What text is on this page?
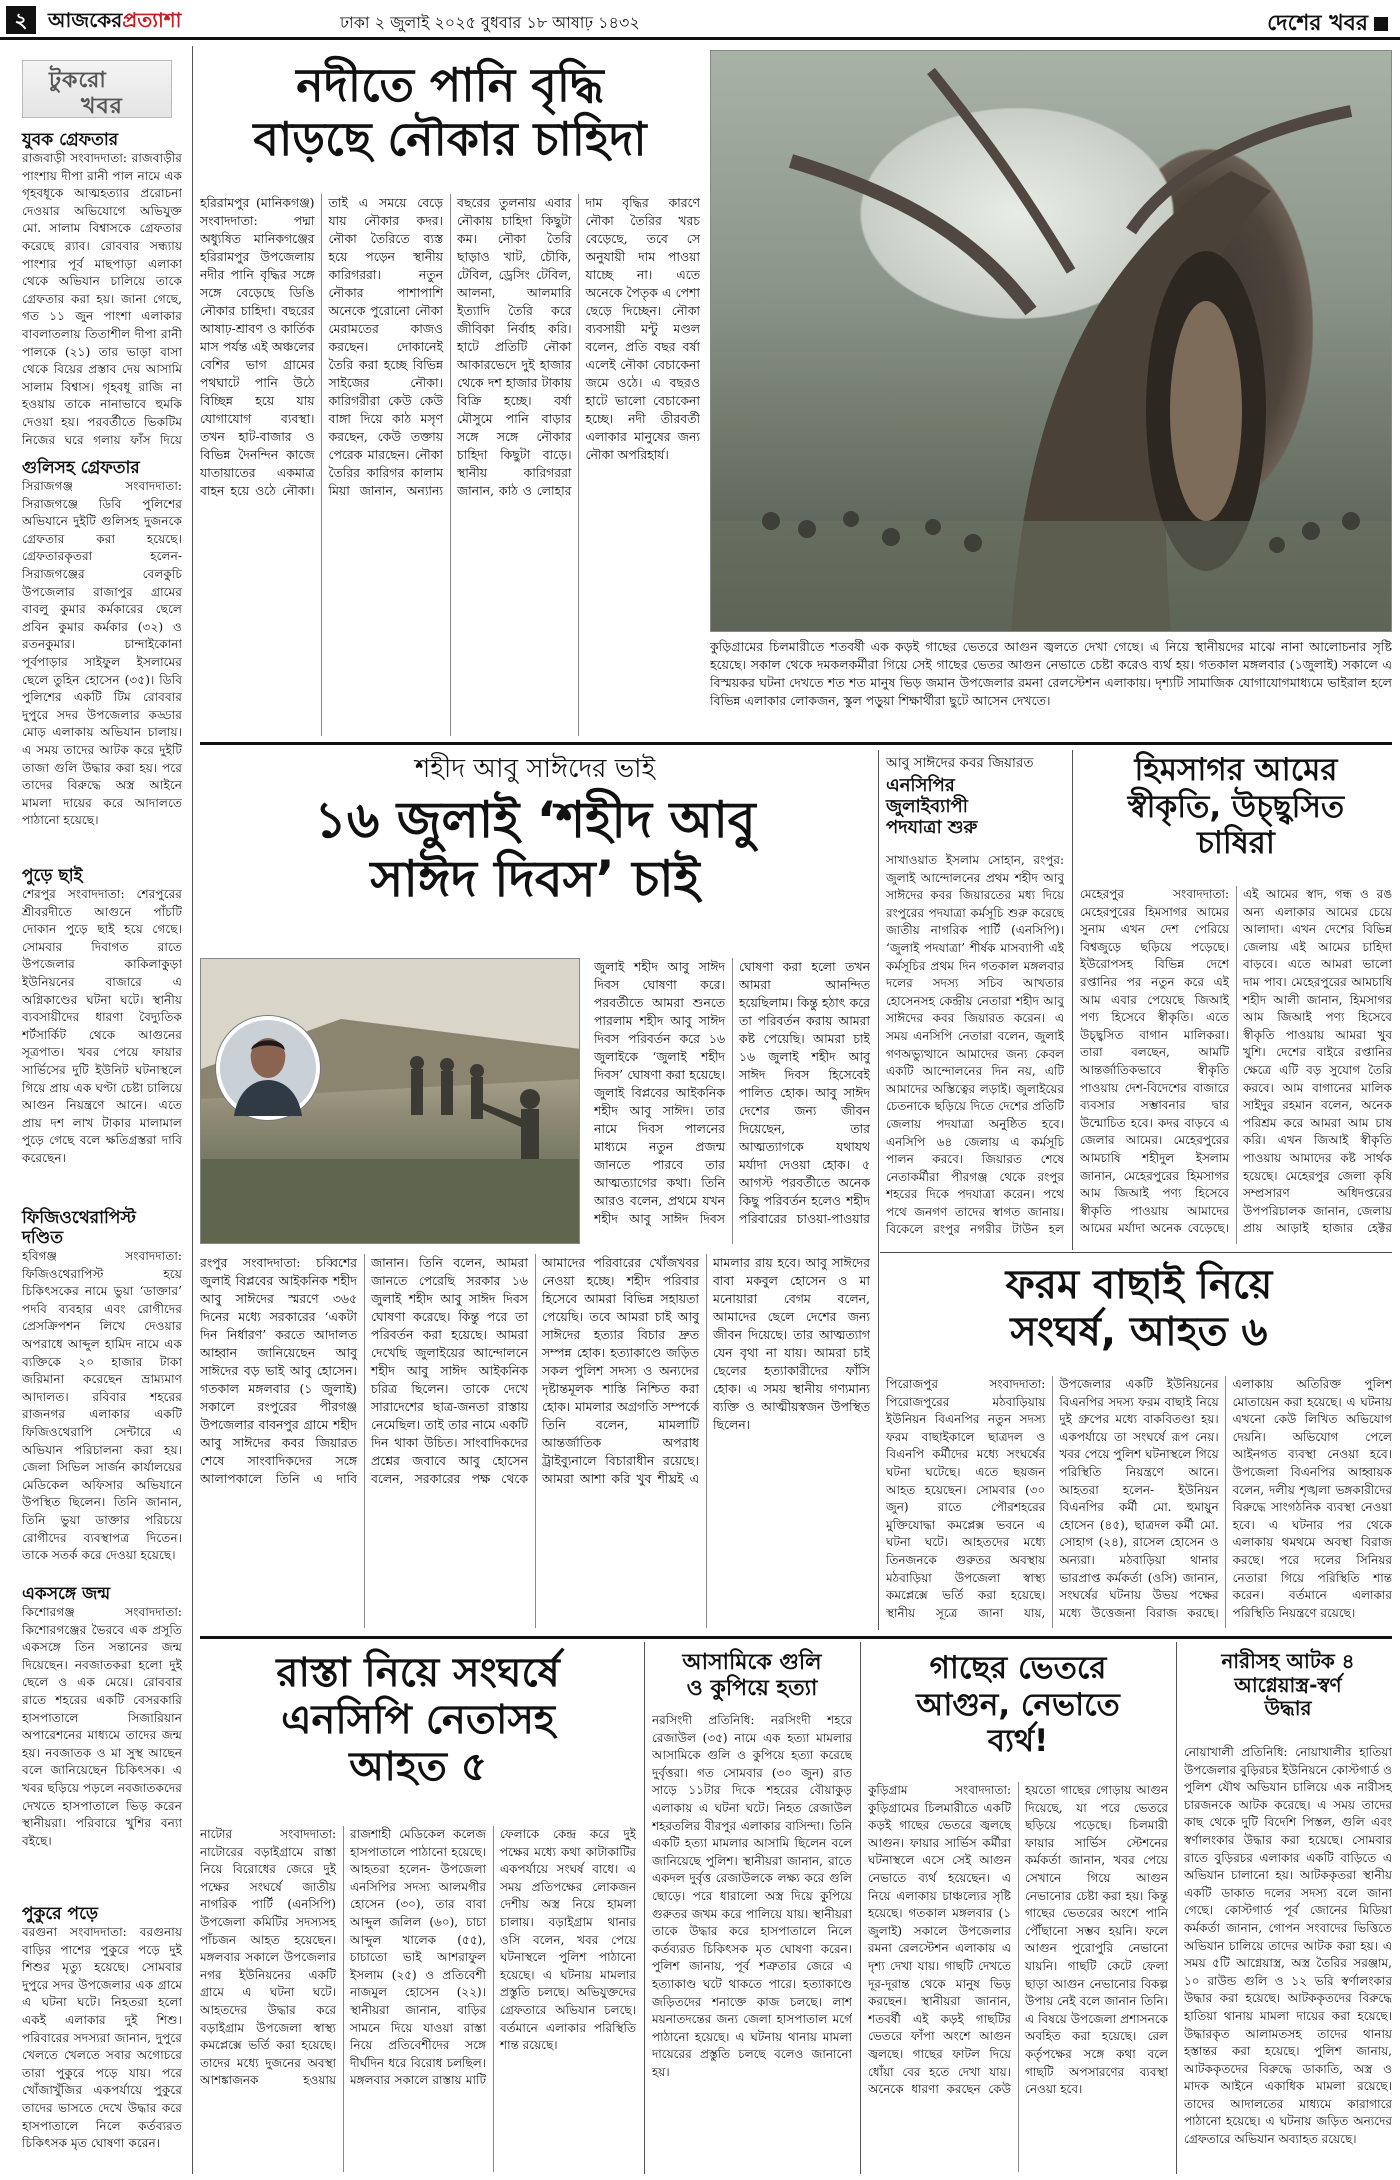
২	আজকেরপ্রত্যাশা	ঢাকা ২ জুলাই ২০২৫ বুধবার ১৮ আষাঢ় ১৪৩২	দেশের খবর
টুকরো
খবর
যুবক গ্রেফতার
রাজবাড়ী সংবাদদাতা: রাজবাড়ীর পাংশায় দীপা রানী পাল নামে এক গৃহবধূকে আত্মহত্যার প্ররোচনা দেওয়ার অভিযোগে অভিযুক্ত মো. সালাম বিশ্বাসকে গ্রেফতার করেছে র‍্যাব। রোববার সন্ধ্যায় পাংশার পূর্ব মাছপাড়া এলাকা থেকে অভিযান চালিয়ে তাকে গ্রেফতার করা হয়। জানা গেছে, গত ১১ জুন পাংশা এলাকার বাবলাতলায় তিতাশীল দীপা রানী পালকে (২১) তার ভাড়া বাসা থেকে বিয়ের প্রস্তাব দেয় আসামি সালাম বিশ্বাস। গৃহবধূ রাজি না হওয়ায় তাকে নানাভাবে হুমকি দেওয়া হয়। পরবর্তীতে ভিকটিম নিজের ঘরে গলায় ফাঁস দিয়ে
গুলিসহ গ্রেফতার
সিরাজগঞ্জ সংবাদদাতা: সিরাজগঞ্জে ডিবি পুলিশের অভিযানে দুইটি গুলিসহ দুজনকে গ্রেফতার করা হয়েছে। গ্রেফতারকৃতরা হলেন- সিরাজগঞ্জের বেলকুচি উপজেলার রাজাপুর গ্রামের বাবলু কুমার কর্মকারের ছেলে প্রবিন কুমার কর্মকার (৩২) ও রতনকুমার। চান্দাইকোনা পূর্বপাড়ার সাইফুল ইসলামের ছেলে তুহিন হোসেন (৩৫)। ডিবি পুলিশের একটি টিম রোববার দুপুরে সদর উপজেলার কড্ডার মোড় এলাকায় অভিযান চালায়। এ সময় তাদের আটক করে দুইটি তাজা গুলি উদ্ধার করা হয়। পরে তাদের বিরুদ্ধে অস্ত্র আইনে মামলা দায়ের করে আদালতে পাঠানো হয়েছে।
পুড়ে ছাই
শেরপুর সংবাদদাতা: শেরপুরের শ্রীবরদীতে আগুনে পাঁচটি দোকান পুড়ে ছাই হয়ে গেছে। সোমবার দিবাগত রাতে উপজেলার কাকিলাকুড়া ইউনিয়নের বাজারে এ অগ্নিকাণ্ডের ঘটনা ঘটে। স্থানীয় ব্যবসায়ীদের ধারণা বৈদ্যুতিক শর্টসার্কিট থেকে আগুনের সূত্রপাত। খবর পেয়ে ফায়ার সার্ভিসের দুটি ইউনিট ঘটনাস্থলে গিয়ে প্রায় এক ঘণ্টা চেষ্টা চালিয়ে আগুন নিয়ন্ত্রণে আনে। এতে প্রায় দশ লাখ টাকার মালামাল পুড়ে গেছে বলে ক্ষতিগ্রস্তরা দাবি করেছেন।
ফিজিওথেরাপিস্ট দণ্ডিত
হবিগঞ্জ সংবাদদাতা: ফিজিওথেরাপিস্ট হয়ে চিকিৎসকের নামে ভুয়া ‘ডাক্তার’ পদবি ব্যবহার এবং রোগীদের প্রেসক্রিপশন লিখে দেওয়ার অপরাধে আব্দুল হামিদ নামে এক ব্যক্তিকে ২০ হাজার টাকা জরিমানা করেছেন ভ্রাম্যমাণ আদালত। রবিবার শহরের রাজনগর এলাকার একটি ফিজিওথেরাপি সেন্টারে এ অভিযান পরিচালনা করা হয়। জেলা সিভিল সার্জন কার্যালয়ের মেডিকেল অফিসার অভিযানে উপস্থিত ছিলেন। তিনি জানান, তিনি ভুয়া ডাক্তার পরিচয়ে রোগীদের ব্যবস্থাপত্র দিতেন। তাকে সতর্ক করে দেওয়া হয়েছে।
একসঙ্গে জন্ম
কিশোরগঞ্জ সংবাদদাতা: কিশোরগঞ্জের ভৈরবে এক প্রসূতি একসঙ্গে তিন সন্তানের জন্ম দিয়েছেন। নবজাতকরা হলো দুই ছেলে ও এক মেয়ে। রোববার রাতে শহরের একটি বেসরকারি হাসপাতালে সিজারিয়ান অপারেশনের মাধ্যমে তাদের জন্ম হয়। নবজাতক ও মা সুস্থ আছেন বলে জানিয়েছেন চিকিৎসক। এ খবর ছড়িয়ে পড়লে নবজাতকদের দেখতে হাসপাতালে ভিড় করেন স্থানীয়রা। পরিবারে খুশির বন্যা বইছে।
পুকুরে পড়ে
বরগুনা সংবাদদাতা: বরগুনায় বাড়ির পাশের পুকুরে পড়ে দুই শিশুর মৃত্যু হয়েছে। সোমবার দুপুরে সদর উপজেলার এক গ্রামে এ ঘটনা ঘটে। নিহতরা হলো একই এলাকার দুই শিশু। পরিবারের সদস্যরা জানান, দুপুরে খেলতে খেলতে সবার অগোচরে তারা পুকুরে পড়ে যায়। পরে খোঁজাখুঁজির একপর্যায়ে পুকুরে তাদের ভাসতে দেখে উদ্ধার করে হাসপাতালে নিলে কর্তব্যরত চিকিৎসক মৃত ঘোষণা করেন।
নদীতে পানি বৃদ্ধি
বাড়ছে নৌকার চাহিদা
হরিরামপুর (মানিকগঞ্জ) সংবাদদাতা: পদ্মা অধ্যুষিত মানিকগঞ্জের হরিরামপুর উপজেলায় নদীর পানি বৃদ্ধির সঙ্গে সঙ্গে বেড়েছে ডিঙি নৌকার চাহিদা। বছরের আষাঢ়-শ্রাবণ ও কার্তিক মাস পর্যন্ত এই অঞ্চলের বেশির ভাগ গ্রামের পথঘাটে পানি উঠে বিচ্ছিন্ন হয়ে যায় যোগাযোগ ব্যবস্থা। তখন হাট-বাজার ও বিভিন্ন দৈনন্দিন কাজে যাতায়াতের একমাত্র বাহন হয়ে ওঠে নৌকা। তাই এ সময়ে বেড়ে যায় নৌকার কদর। নৌকা তৈরিতে ব্যস্ত হয়ে পড়েন স্থানীয় কারিগররা। নতুন নৌকার পাশাপাশি অনেকে পুরোনো নৌকা মেরামতের কাজও করছেন। দোকানেই তৈরি করা হচ্ছে বিভিন্ন সাইজের নৌকা। কারিগরীরা কেউ কেউ বাঙ্গা দিয়ে কাঠ মসৃণ করছেন, কেউ তক্তায় পেরেক মারছেন। নৌকা তৈরির কারিগর কালাম মিয়া জানান, অন্যান্য বছরের তুলনায় এবার নৌকায় চাহিদা কিছুটা কম। নৌকা তৈরি ছাড়াও খাট, চৌকি, টেবিল, ড্রেসিং টেবিল, আলনা, আলমারি ইত্যাদি তৈরি করে জীবিকা নির্বাহ করি। হাটে প্রতিটি নৌকা আকারভেদে দুই হাজার থেকে দশ হাজার টাকায় বিক্রি হচ্ছে। বর্ষা মৌসুমে পানি বাড়ার সঙ্গে সঙ্গে নৌকার চাহিদা কিছুটা বাড়ে। স্থানীয় কারিগররা জানান, কাঠ ও লোহার দাম বৃদ্ধির কারণে নৌকা তৈরির খরচ বেড়েছে, তবে সে অনুযায়ী দাম পাওয়া যাচ্ছে না। এতে অনেকে পৈতৃক এ পেশা ছেড়ে দিচ্ছেন। নৌকা ব্যবসায়ী মন্টু মণ্ডল বলেন, প্রতি বছর বর্ষা এলেই নৌকা বেচাকেনা জমে ওঠে। এ বছরও হাটে ভালো বেচাকেনা হচ্ছে। নদী তীরবর্তী এলাকার মানুষের জন্য নৌকা অপরিহার্য।
কুড়িগ্রামের চিলমারীতে শতবর্ষী এক কড়ই গাছের ভেতরে আগুন জ্বলতে দেখা গেছে। এ নিয়ে স্থানীয়দের মাঝে নানা আলোচনার সৃষ্টি হয়েছে। সকাল থেকে দমকলকর্মীরা গিয়ে সেই গাছের ভেতর আগুন নেভাতে চেষ্টা করেও ব্যর্থ হয়। গতকাল মঙ্গলবার (১জুলাই) সকালে এ বিস্ময়কর ঘটনা দেখতে শত শত মানুষ ভিড় জমান উপজেলার রমনা রেলস্টেশন এলাকায়। দৃশ্যটি সামাজিক যোগাযোগমাধ্যমে ভাইরাল হলে বিভিন্ন এলাকার লোকজন, স্কুল পড়ুয়া শিক্ষার্থীরা ছুটে আসেন দেখতে।
শহীদ আবু সাঈদের ভাই
১৬ জুলাই ‘শহীদ আবু
সাঈদ দিবস’ চাই
জুলাই শহীদ আবু সাঈদ দিবস ঘোষণা করে। পরবর্তীতে আমরা শুনতে পারলাম শহীদ আবু সাঈদ দিবস পরিবর্তন করে ১৬ জুলাইকে ‘জুলাই শহীদ দিবস’ ঘোষণা করা হয়েছে। জুলাই বিপ্লবের আইকনিক শহীদ আবু সাঈদ। তার নামে দিবস পালনের মাধ্যমে নতুন প্রজন্ম জানতে পারবে তার আত্মত্যাগের কথা। তিনি আরও বলেন, প্রথমে যখন শহীদ আবু সাঈদ দিবস ঘোষণা করা হলো তখন আমরা আনন্দিত হয়েছিলাম। কিন্তু হঠাৎ করে তা পরিবর্তন করায় আমরা কষ্ট পেয়েছি। আমরা চাই ১৬ জুলাই শহীদ আবু সাঈদ দিবস হিসেবেই পালিত হোক। আবু সাঈদ দেশের জন্য জীবন দিয়েছেন, তার আত্মত্যাগকে যথাযথ মর্যাদা দেওয়া হোক। ৫ আগস্ট পরবর্তীতে অনেক কিছু পরিবর্তন হলেও শহীদ পরিবারের চাওয়া-পাওয়ার
রংপুর সংবাদদাতা: চব্বিশের জুলাই বিপ্লবের আইকনিক শহীদ আবু সাঈদের স্মরণে ৩৬৫ দিনের মধ্যে সরকারের ‘একটা দিন নির্ধারণ’ করতে আদালত আহ্বান জানিয়েছেন আবু সাঈদের বড় ভাই আবু হোসেন। গতকাল মঙ্গলবার (১ জুলাই) সকালে রংপুরের পীরগঞ্জ উপজেলার বাবনপুর গ্রামে শহীদ আবু সাঈদের কবর জিয়ারত শেষে সাংবাদিকদের সঙ্গে আলাপকালে তিনি এ দাবি জানান। তিনি বলেন, আমরা জানতে পেরেছি সরকার ১৬ জুলাই শহীদ আবু সাঈদ দিবস ঘোষণা করেছে। কিন্তু পরে তা পরিবর্তন করা হয়েছে। আমরা দেখেছি জুলাইয়ের আন্দোলনে শহীদ আবু সাঈদ আইকনিক চরিত্র ছিলেন। তাকে দেখে সারাদেশের ছাত্র-জনতা রাস্তায় নেমেছিল। তাই তার নামে একটি দিন থাকা উচিত। সাংবাদিকদের প্রশ্নের জবাবে আবু হোসেন বলেন, সরকারের পক্ষ থেকে আমাদের পরিবারের খোঁজখবর নেওয়া হচ্ছে। শহীদ পরিবার হিসেবে আমরা বিভিন্ন সহায়তা পেয়েছি। তবে আমরা চাই আবু সাঈদের হত্যার বিচার দ্রুত সম্পন্ন হোক। হত্যাকাণ্ডে জড়িত সকল পুলিশ সদস্য ও অন্যদের দৃষ্টান্তমূলক শাস্তি নিশ্চিত করা হোক। মামলার অগ্রগতি সম্পর্কে তিনি বলেন, মামলাটি আন্তর্জাতিক অপরাধ ট্রাইব্যুনালে বিচারাধীন রয়েছে। আমরা আশা করি খুব শীঘ্রই এ মামলার রায় হবে। আবু সাঈদের বাবা মকবুল হোসেন ও মা মনোয়ারা বেগম বলেন, আমাদের ছেলে দেশের জন্য জীবন দিয়েছে। তার আত্মত্যাগ যেন বৃথা না যায়। আমরা চাই ছেলের হত্যাকারীদের ফাঁসি হোক। এ সময় স্থানীয় গণ্যমান্য ব্যক্তি ও আত্মীয়স্বজন উপস্থিত ছিলেন।
আবু সাঈদের কবর জিয়ারত
এনসিপির
জুলাইব্যাপী
পদযাত্রা শুরু
সাখাওয়াত ইসলাম সোহান, রংপুর: জুলাই আন্দোলনের প্রথম শহীদ আবু সাঈদের কবর জিয়ারতের মধ্য দিয়ে রংপুরের পদযাত্রা কর্মসূচি শুরু করেছে জাতীয় নাগরিক পার্টি (এনসিপি)। ‘জুলাই পদযাত্রা’ শীর্ষক মাসব্যাপী এই কর্মসূচির প্রথম দিন গতকাল মঙ্গলবার দলের সদস্য সচিব আখতার হোসেনসহ কেন্দ্রীয় নেতারা শহীদ আবু সাঈদের কবর জিয়ারত করেন। এ সময় এনসিপি নেতারা বলেন, জুলাই গণঅভ্যুত্থানে আমাদের জন্য কেবল একটি আন্দোলনের দিন নয়, এটি আমাদের অস্তিত্বের লড়াই। জুলাইয়ের চেতনাকে ছড়িয়ে দিতে দেশের প্রতিটি জেলায় পদযাত্রা অনুষ্ঠিত হবে। এনসিপি ৬৪ জেলায় এ কর্মসূচি পালন করবে। জিয়ারত শেষে নেতাকর্মীরা পীরগঞ্জ থেকে রংপুর শহরের দিকে পদযাত্রা করেন। পথে পথে জনগণ তাদের স্বাগত জানায়। বিকেলে রংপুর নগরীর টাউন হল
হিমসাগর আমের
স্বীকৃতি, উচ্ছ্বসিত
চাষিরা
মেহেরপুর সংবাদদাতা: মেহেরপুরের হিমসাগর আমের সুনাম এখন দেশ পেরিয়ে বিশ্বজুড়ে ছড়িয়ে পড়েছে। ইউরোপসহ বিভিন্ন দেশে রপ্তানির পর নতুন করে এই আম এবার পেয়েছে জিআই পণ্য হিসেবে স্বীকৃতি। এতে উচ্ছ্বসিত বাগান মালিকরা। তারা বলছেন, আমটি আন্তর্জাতিকভাবে স্বীকৃতি পাওয়ায় দেশ-বিদেশের বাজারে ব্যবসার সম্ভাবনার দ্বার উন্মোচিত হবে। কদর বাড়বে এ জেলার আমের। মেহেরপুরের আমচাষি শহীদুল ইসলাম জানান, মেহেরপুরের হিমসাগর আম জিআই পণ্য হিসেবে স্বীকৃতি পাওয়ায় আমাদের আমের মর্যাদা অনেক বেড়েছে। এই আমের স্বাদ, গন্ধ ও রঙ অন্য এলাকার আমের চেয়ে আলাদা। এখন দেশের বিভিন্ন জেলায় এই আমের চাহিদা বাড়বে। এতে আমরা ভালো দাম পাব। মেহেরপুরের আমচাষি শহীদ আলী জানান, হিমসাগর আম জিআই পণ্য হিসেবে স্বীকৃতি পাওয়ায় আমরা খুব খুশি। দেশের বাইরে রপ্তানির ক্ষেত্রে এটি বড় সুযোগ তৈরি করবে। আম বাগানের মালিক সাইদুর রহমান বলেন, অনেক পরিশ্রম করে আমরা আম চাষ করি। এখন জিআই স্বীকৃতি পাওয়ায় আমাদের কষ্ট সার্থক হয়েছে। মেহেরপুর জেলা কৃষি সম্প্রসারণ অধিদপ্তরের উপপরিচালক জানান, জেলায় প্রায় আড়াই হাজার হেক্টর
ফরম বাছাই নিয়ে
সংঘর্ষ, আহত ৬
পিরোজপুর সংবাদদাতা: পিরোজপুরের মঠবাড়িয়ায় ইউনিয়ন বিএনপির নতুন সদস্য ফরম বাছাইকালে ছাত্রদল ও বিএনপি কর্মীদের মধ্যে সংঘর্ষের ঘটনা ঘটেছে। এতে ছয়জন আহত হয়েছেন। সোমবার (৩০ জুন) রাতে পৌরশহরের মুক্তিযোদ্ধা কমপ্লেক্স ভবনে এ ঘটনা ঘটে। আহতদের মধ্যে তিনজনকে গুরুতর অবস্থায় মঠবাড়িয়া উপজেলা স্বাস্থ্য কমপ্লেক্সে ভর্তি করা হয়েছে। স্থানীয় সূত্রে জানা যায়, উপজেলার একটি ইউনিয়নের বিএনপির সদস্য ফরম বাছাই নিয়ে দুই গ্রুপের মধ্যে বাকবিতণ্ডা হয়। একপর্যায়ে তা সংঘর্ষে রূপ নেয়। খবর পেয়ে পুলিশ ঘটনাস্থলে গিয়ে পরিস্থিতি নিয়ন্ত্রণে আনে। আহতরা হলেন- ইউনিয়ন বিএনপির কর্মী মো. হুমায়ুন হোসেন (৪৫), ছাত্রদল কর্মী মো. সোহাগ (২৪), রাসেল হোসেন ও অন্যরা। মঠবাড়িয়া থানার ভারপ্রাপ্ত কর্মকর্তা (ওসি) জানান, সংঘর্ষের ঘটনায় উভয় পক্ষের মধ্যে উত্তেজনা বিরাজ করছে। এলাকায় অতিরিক্ত পুলিশ মোতায়েন করা হয়েছে। এ ঘটনায় এখনো কেউ লিখিত অভিযোগ দেয়নি। অভিযোগ পেলে আইনগত ব্যবস্থা নেওয়া হবে। উপজেলা বিএনপির আহ্বায়ক বলেন, দলীয় শৃঙ্খলা ভঙ্গকারীদের বিরুদ্ধে সাংগঠনিক ব্যবস্থা নেওয়া হবে। এ ঘটনার পর থেকে এলাকায় থমথমে অবস্থা বিরাজ করছে। পরে দলের সিনিয়র নেতারা গিয়ে পরিস্থিতি শান্ত করেন। বর্তমানে এলাকার পরিস্থিতি নিয়ন্ত্রণে রয়েছে।
রাস্তা নিয়ে সংঘর্ষে
এনসিপি নেতাসহ
আহত ৫
নাটোর সংবাদদাতা: নাটোরের বড়াইগ্রামে রাস্তা নিয়ে বিরোধের জেরে দুই পক্ষের সংঘর্ষে জাতীয় নাগরিক পার্টি (এনসিপি) উপজেলা কমিটির সদস্যসহ পাঁচজন আহত হয়েছেন। মঙ্গলবার সকালে উপজেলার নগর ইউনিয়নের একটি গ্রামে এ ঘটনা ঘটে। আহতদের উদ্ধার করে বড়াইগ্রাম উপজেলা স্বাস্থ্য কমপ্লেক্সে ভর্তি করা হয়েছে। তাদের মধ্যে দুজনের অবস্থা আশঙ্কাজনক হওয়ায় রাজশাহী মেডিকেল কলেজ হাসপাতালে পাঠানো হয়েছে। আহতরা হলেন- উপজেলা এনসিপির সদস্য আলমগীর হোসেন (৩০), তার বাবা আব্দুল জলিল (৬০), চাচা আব্দুল খালেক (৫৫), চাচাতো ভাই আশরাফুল ইসলাম (২৫) ও প্রতিবেশী নাজমুল হোসেন (২২)। স্থানীয়রা জানান, বাড়ির সামনে দিয়ে যাওয়া রাস্তা নিয়ে প্রতিবেশীদের সঙ্গে দীর্ঘদিন ধরে বিরোধ চলছিল। মঙ্গলবার সকালে রাস্তায় মাটি ফেলাকে কেন্দ্র করে দুই পক্ষের মধ্যে কথা কাটাকাটির একপর্যায়ে সংঘর্ষ বাধে। এ সময় প্রতিপক্ষের লোকজন দেশীয় অস্ত্র নিয়ে হামলা চালায়। বড়াইগ্রাম থানার ওসি বলেন, খবর পেয়ে ঘটনাস্থলে পুলিশ পাঠানো হয়েছে। এ ঘটনায় মামলার প্রস্তুতি চলছে। অভিযুক্তদের গ্রেফতারে অভিযান চলছে। বর্তমানে এলাকার পরিস্থিতি শান্ত রয়েছে।
আসামিকে গুলি
ও কুপিয়ে হত্যা
নরসিংদী প্রতিনিধি: নরসিংদী শহরে রেজাউল (৩৫) নামে এক হত্যা মামলার আসামিকে গুলি ও কুপিয়ে হত্যা করেছে দুর্বৃত্তরা। গত সোমবার (৩০ জুন) রাত সাড়ে ১১টার দিকে শহরের বৌয়াকুড় এলাকায় এ ঘটনা ঘটে। নিহত রেজাউল শহরতলির বীরপুর এলাকার বাসিন্দা। তিনি একটি হত্যা মামলার আসামি ছিলেন বলে জানিয়েছে পুলিশ। স্থানীয়রা জানান, রাতে একদল দুর্বৃত্ত রেজাউলকে লক্ষ্য করে গুলি ছোড়ে। পরে ধারালো অস্ত্র দিয়ে কুপিয়ে গুরুতর জখম করে পালিয়ে যায়। স্থানীয়রা তাকে উদ্ধার করে হাসপাতালে নিলে কর্তব্যরত চিকিৎসক মৃত ঘোষণা করেন। পুলিশ জানায়, পূর্ব শত্রুতার জেরে এ হত্যাকাণ্ড ঘটে থাকতে পারে। হত্যাকাণ্ডে জড়িতদের শনাক্তে কাজ চলছে। লাশ ময়নাতদন্তের জন্য জেলা হাসপাতাল মর্গে পাঠানো হয়েছে। এ ঘটনায় থানায় মামলা দায়েরের প্রস্তুতি চলছে বলেও জানানো হয়।
গাছের ভেতরে
আগুন, নেভাতে
ব্যর্থ!
কুড়িগ্রাম সংবাদদাতা: কুড়িগ্রামের চিলমারীতে একটি কড়ই গাছের ভেতরে জ্বলছে আগুন। ফায়ার সার্ভিস কর্মীরা ঘটনাস্থলে এসে সেই আগুন নেভাতে ব্যর্থ হয়েছেন। এ নিয়ে এলাকায় চাঞ্চল্যের সৃষ্টি হয়েছে। গতকাল মঙ্গলবার (১ জুলাই) সকালে উপজেলার রমনা রেলস্টেশন এলাকায় এ দৃশ্য দেখা যায়। গাছটি দেখতে দূর-দূরান্ত থেকে মানুষ ভিড় করছেন। স্থানীয়রা জানান, শতবর্ষী এই কড়ই গাছটির ভেতরে ফাঁপা অংশে আগুন জ্বলছে। গাছের ফাটল দিয়ে ধোঁয়া বের হতে দেখা যায়। অনেকে ধারণা করছেন কেউ হয়তো গাছের গোড়ায় আগুন দিয়েছে, যা পরে ভেতরে ছড়িয়ে পড়েছে। চিলমারী ফায়ার সার্ভিস স্টেশনের কর্মকর্তা জানান, খবর পেয়ে সেখানে গিয়ে আগুন নেভানোর চেষ্টা করা হয়। কিন্তু গাছের ভেতরের অংশে পানি পৌঁছানো সম্ভব হয়নি। ফলে আগুন পুরোপুরি নেভানো যায়নি। গাছটি কেটে ফেলা ছাড়া আগুন নেভানোর বিকল্প উপায় নেই বলে জানান তিনি। এ বিষয়ে উপজেলা প্রশাসনকে অবহিত করা হয়েছে। রেল কর্তৃপক্ষের সঙ্গে কথা বলে গাছটি অপসারণের ব্যবস্থা নেওয়া হবে।
নারীসহ আটক ৪
আগ্নেয়াস্ত্র-স্বর্ণ
উদ্ধার
নোয়াখালী প্রতিনিধি: নোয়াখালীর হাতিয়া উপজেলার বুড়িরচর ইউনিয়নে কোস্টগার্ড ও পুলিশ যৌথ অভিযান চালিয়ে এক নারীসহ চারজনকে আটক করেছে। এ সময় তাদের কাছ থেকে দুটি বিদেশি পিস্তল, গুলি এবং স্বর্ণালংকার উদ্ধার করা হয়েছে। সোমবার রাতে বুড়িরচর এলাকার একটি বাড়িতে এ অভিযান চালানো হয়। আটককৃতরা স্থানীয় একটি ডাকাত দলের সদস্য বলে জানা গেছে। কোস্টগার্ড পূর্ব জোনের মিডিয়া কর্মকর্তা জানান, গোপন সংবাদের ভিত্তিতে অভিযান চালিয়ে তাদের আটক করা হয়। এ সময় ৫টি আগ্নেয়াস্ত্র, অস্ত্র তৈরির সরঞ্জাম, ১০ রাউন্ড গুলি ও ১২ ভরি স্বর্ণালংকার উদ্ধার করা হয়েছে। আটককৃতদের বিরুদ্ধে হাতিয়া থানায় মামলা দায়ের করা হয়েছে। উদ্ধারকৃত আলামতসহ তাদের থানায় হস্তান্তর করা হয়েছে। পুলিশ জানায়, আটককৃতদের বিরুদ্ধে ডাকাতি, অস্ত্র ও মাদক আইনে একাধিক মামলা রয়েছে। তাদের আদালতের মাধ্যমে কারাগারে পাঠানো হয়েছে। এ ঘটনায় জড়িত অন্যদের গ্রেফতারে অভিযান অব্যাহত রয়েছে।
